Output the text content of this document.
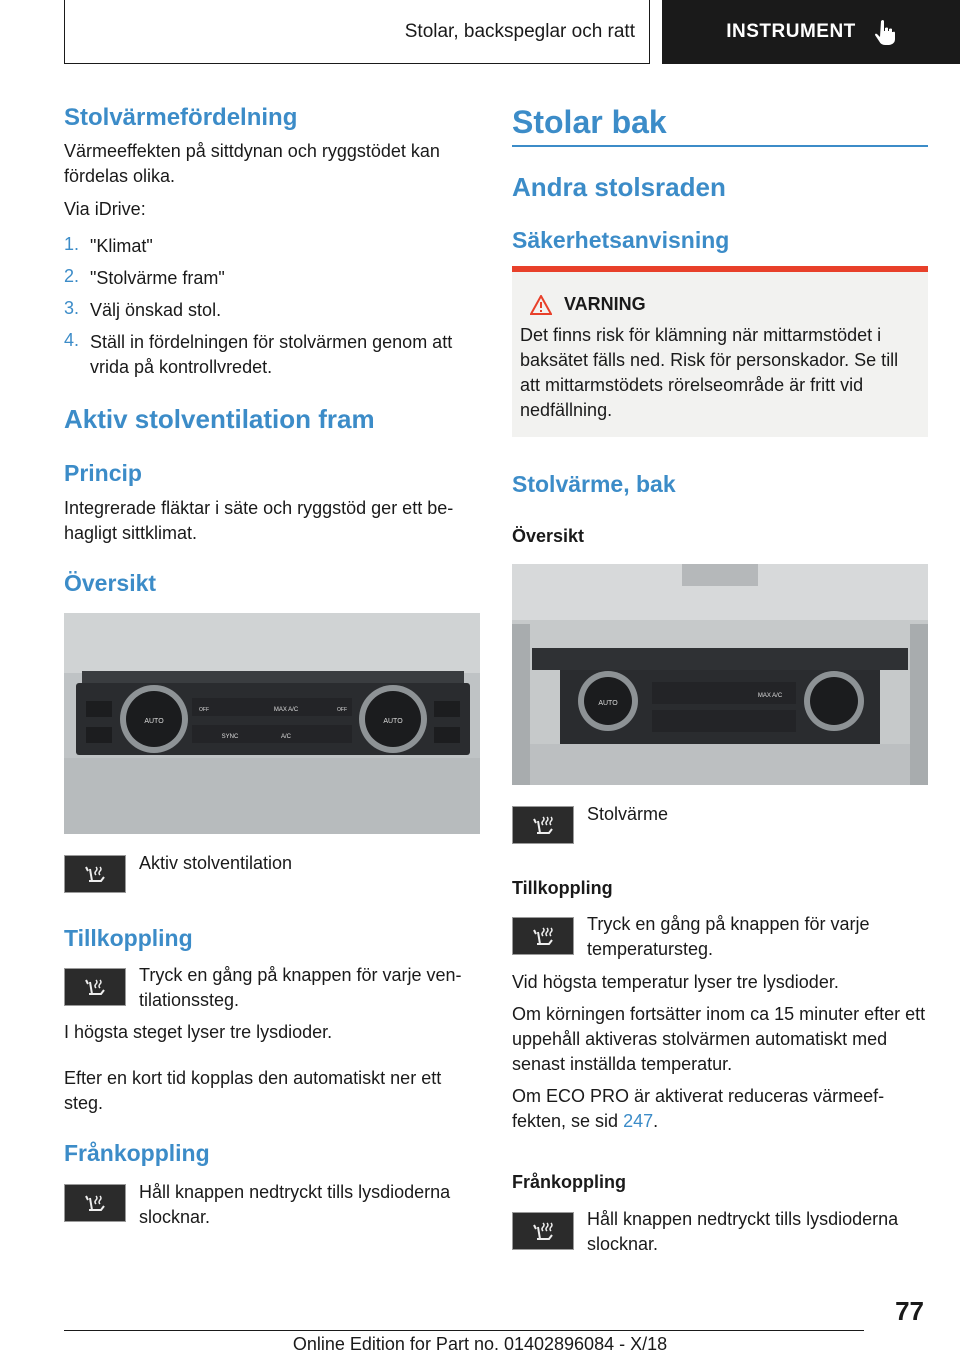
Stolar, backspeglar och ratt	INSTRUMENT
Stolvärmefördelning
Värmeeffekten på sittdynan och ryggstödet kan fördelas olika.
Via iDrive:
1. "Klimat"
2. "Stolvärme fram"
3. Välj önskad stol.
4. Ställ in fördelningen för stolvärmen genom att vrida på kontrollvredet.
Aktiv stolventilation fram
Princip
Integrerade fläktar i säte och ryggstöd ger ett behagligt sittklimat.
Översikt
AUTO	AUTO
SYNC	A/C
MAX A/C
OFF	OFF
Aktiv stolventilation
Tillkoppling
Tryck en gång på knappen för varje ventilationssteg.
I högsta steget lyser tre lysdioder.
Efter en kort tid kopplas den automatiskt ner ett steg.
Frånkoppling
Håll knappen nedtryckt tills lysdioderna slocknar.
Stolar bak
Andra stolsraden
Säkerhetsanvisning
VARNING
Det finns risk för klämning när mittarmstödet i baksätet fälls ned. Risk för personskador. Se till att mittarmstödets rörelseområde är fritt vid nedfällning.
Stolvärme, bak
Översikt
AUTO
MAX A/C
Stolvärme
Tillkoppling
Tryck en gång på knappen för varje temperatursteg.
Vid högsta temperatur lyser tre lysdioder.
Om körningen fortsätter inom ca 15 minuter efter ett uppehåll aktiveras stolvärmen automatiskt med senast inställda temperatur.
Om ECO PRO är aktiverat reduceras värmeeffekten, se sid 247.
Frånkoppling
Håll knappen nedtryckt tills lysdioderna slocknar.
77
Online Edition for Part no. 01402896084 - X/18
